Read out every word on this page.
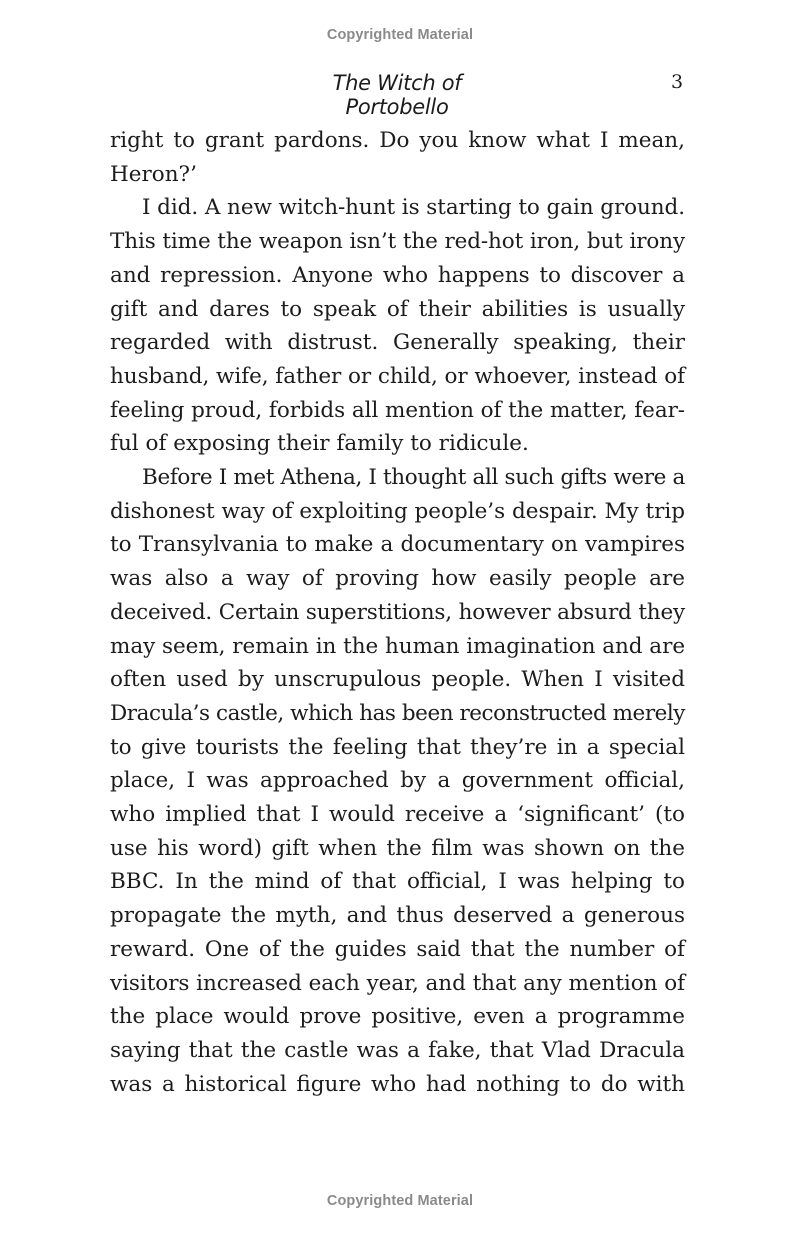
Copyrighted Material
The Witch of Portobello
3
right to grant pardons. Do you know what I mean,
Heron?’
I did. A new witch-hunt is starting to gain ground.
This time the weapon isn’t the red-hot iron, but irony
and repression. Anyone who happens to discover a
gift and dares to speak of their abilities is usually
regarded with distrust. Generally speaking, their
husband, wife, father or child, or whoever, instead of
feeling proud, forbids all mention of the matter, fear-
ful of exposing their family to ridicule.
Before I met Athena, I thought all such gifts were a
dishonest way of exploiting people’s despair. My trip
to Transylvania to make a documentary on vampires
was also a way of proving how easily people are
deceived. Certain superstitions, however absurd they
may seem, remain in the human imagination and are
often used by unscrupulous people. When I visited
Dracula’s castle, which has been reconstructed merely
to give tourists the feeling that they’re in a special
place, I was approached by a government official,
who implied that I would receive a ‘significant’ (to
use his word) gift when the film was shown on the
BBC. In the mind of that official, I was helping to
propagate the myth, and thus deserved a generous
reward. One of the guides said that the number of
visitors increased each year, and that any mention of
the place would prove positive, even a programme
saying that the castle was a fake, that Vlad Dracula
was a historical figure who had nothing to do with
Copyrighted Material
